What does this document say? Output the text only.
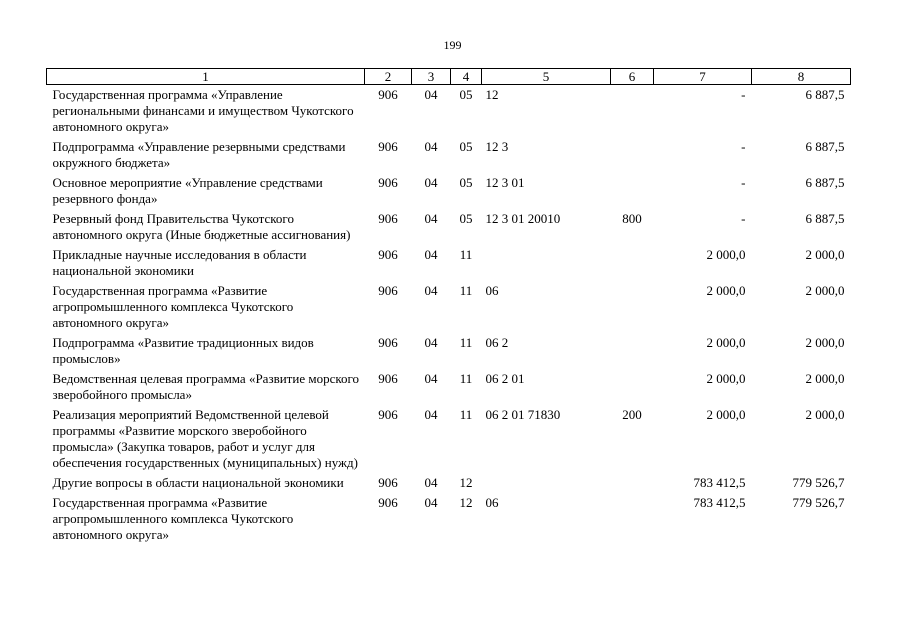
199
1	2	3	4	5	6	7	8
Государственная программа «Управление региональными финансами и имуществом Чукотского автономного округа»	906	04	05	12		-	6 887,5
Подпрограмма «Управление резервными средствами окружного бюджета»	906	04	05	12 3		-	6 887,5
Основное мероприятие «Управление средствами резервного фонда»	906	04	05	12 3 01		-	6 887,5
Резервный фонд Правительства Чукотского автономного округа (Иные бюджетные ассигнования)	906	04	05	12 3 01 20010	800	-	6 887,5
Прикладные научные исследования в области национальной экономики	906	04	11			2 000,0	2 000,0
Государственная программа «Развитие агропромышленного комплекса Чукотского автономного округа»	906	04	11	06		2 000,0	2 000,0
Подпрограмма «Развитие традиционных видов промыслов»	906	04	11	06 2		2 000,0	2 000,0
Ведомственная целевая программа «Развитие морского зверобойного промысла»	906	04	11	06 2 01		2 000,0	2 000,0
Реализация мероприятий Ведомственной целевой программы «Развитие морского зверобойного промысла» (Закупка товаров, работ и услуг для обеспечения государственных (муниципальных) нужд)	906	04	11	06 2 01 71830	200	2 000,0	2 000,0
Другие вопросы в области национальной экономики	906	04	12			783 412,5	779 526,7
Государственная программа «Развитие агропромышленного комплекса Чукотского автономного округа»	906	04	12	06		783 412,5	779 526,7
